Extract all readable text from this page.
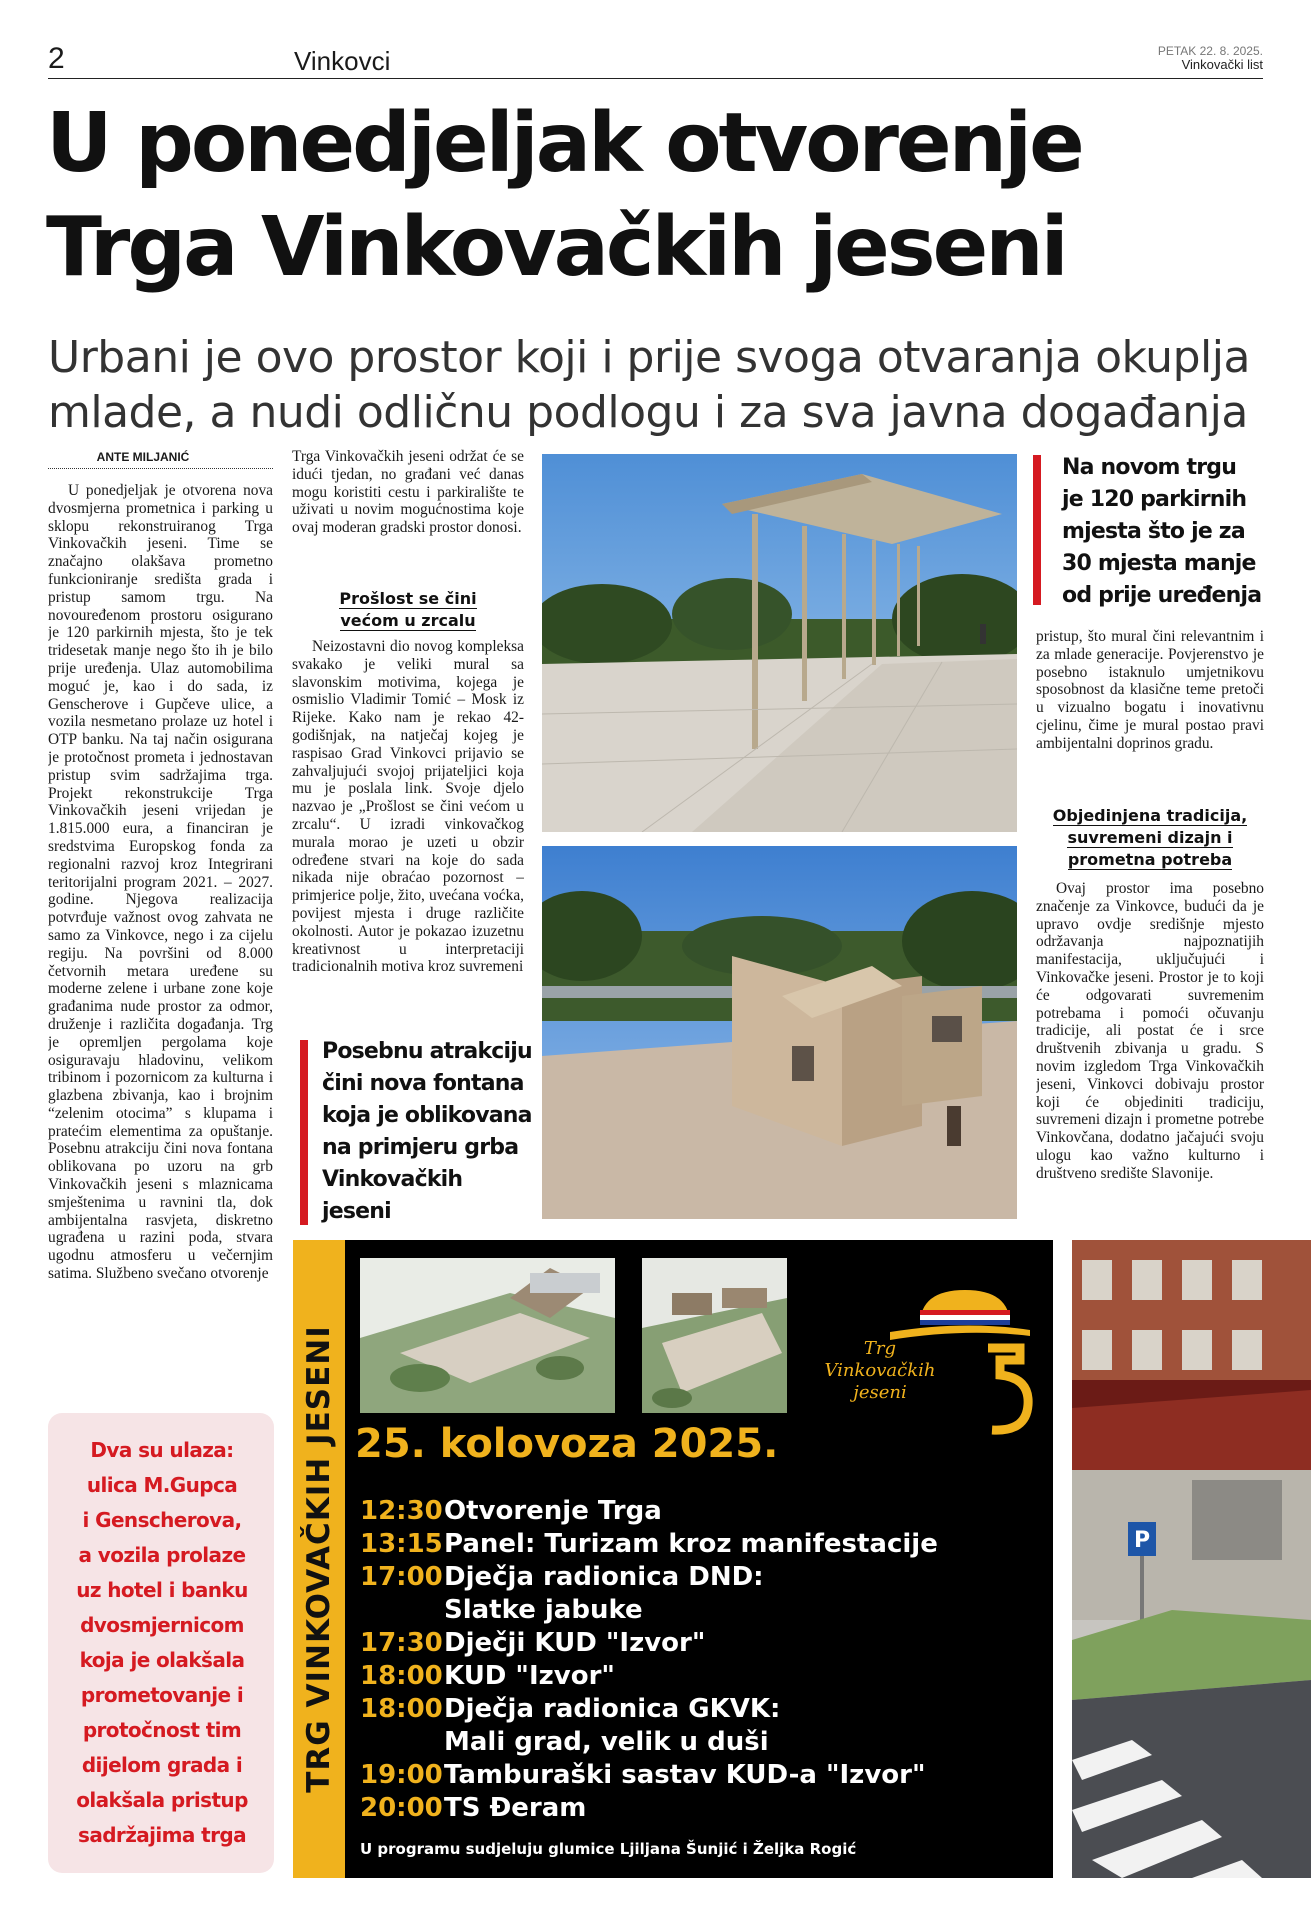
2	Vinkovci	PETAK 22. 8. 2025.
Vinkovački list
U ponedjeljak otvorenje
Trga Vinkovačkih jeseni
Urbani je ovo prostor koji i prije svoga otvaranja okuplja
mlade, a nudi odličnu podlogu i za sva javna događanja
ANTE MILJANIĆ

U ponedjeljak je otvorena nova dvosmjerna prometnica i parking u sklopu rekonstruiranog Trga Vinkovačkih jeseni. Time se značajno olakšava prometno funkcioniranje središta grada i pristup samom trgu. Na novouređenom prostoru osigurano je 120 parkirnih mjesta, što je tek tridesetak manje nego što ih je bilo prije uređenja. Ulaz automobilima moguć je, kao i do sada, iz Genscherove i Gupčeve ulice, a vozila nesmetano prolaze uz hotel i OTP banku. Na taj način osigurana je protočnost prometa i jednostavan pristup svim sadržajima trga. Projekt rekonstrukcije Trga Vinkovačkih jeseni vrijedan je 1.815.000 eura, a financiran je sredstvima Europskog fonda za regionalni razvoj kroz Integrirani teritorijalni program 2021. – 2027. godine. Njegova realizacija potvrđuje važnost ovog zahvata ne samo za Vinkovce, nego i za cijelu regiju. Na površini od 8.000 četvornih metara uređene su moderne zelene i urbane zone koje građanima nude prostor za odmor, druženje i različita događanja. Trg je opremljen pergolama koje osiguravaju hladovinu, velikom tribinom i pozornicom za kulturna i glazbena zbivanja, kao i brojnim “zelenim otocima” s klupama i pratećim elementima za opuštanje. Posebnu atrakciju čini nova fontana oblikovana po uzoru na grb Vinkovačkih jeseni s mlaznicama smještenima u ravnini tla, dok ambijentalna rasvjeta, diskretno ugrađena u razini poda, stvara ugodnu atmosferu u večernjim satima. Službeno svečano otvorenje

Trga Vinkovačkih jeseni održat će se idući tjedan, no građani već danas mogu koristiti cestu i parkiralište te uživati u novim mogućnostima koje ovaj moderan gradski prostor donosi.

Prošlost se čini
većom u zrcalu

Neizostavni dio novog kompleksa svakako je veliki mural sa slavonskim motivima, kojega je osmislio Vladimir Tomić – Mosk iz Rijeke. Kako nam je rekao 42-godišnjak, na natječaj kojeg je raspisao Grad Vinkovci prijavio se zahvaljujući svojoj prijateljici koja mu je poslala link. Svoje djelo nazvao je „Prošlost se čini većom u zrcalu“. U izradi vinkovačkog murala morao je uzeti u obzir određene stvari na koje do sada nikada nije obraćao pozornost – primjerice polje, žito, uvećana voćka, povijest mjesta i druge različite okolnosti. Autor je pokazao izuzetnu kreativnost u interpretaciji tradicionalnih motiva kroz suvremeni

Posebnu atrakciju
čini nova fontana
koja je oblikovana
na primjeru grba
Vinkovačkih
jeseni
Na novom trgu
je 120 parkirnih
mjesta što je za
30 mjesta manje
od prije uređenja

pristup, što mural čini relevantnim i za mlade generacije. Povjerenstvo je posebno istaknulo umjetnikovu sposobnost da klasične teme pretoči u vizualno bogatu i inovativnu cjelinu, čime je mural postao pravi ambijentalni doprinos gradu.

Objedinjena tradicija,
suvremeni dizajn i
prometna potreba

Ovaj prostor ima posebno značenje za Vinkovce, budući da je upravo ovdje središnje mjesto održavanja najpoznatijih manifestacija, uključujući i Vinkovačke jeseni. Prostor je to koji će odgovarati suvremenim potrebama i pomoći očuvanju tradicije, ali postat će i srce društvenih zbivanja u gradu. S novim izgledom Trga Vinkovačkih jeseni, Vinkovci dobivaju prostor koji će objediniti tradiciju, suvremeni dizajn i prometne potrebe Vinkovčana, dodatno jačajući svoju ulogu kao važno kulturno i društveno središte Slavonije.

Dva su ulaza:
ulica M.Gupca
i Genscherova,
a vozila prolaze
uz hotel i banku
dvosmjernicom
koja je olakšala
prometovanje i
protočnost tim
dijelom grada i
olakšala pristup
sadržajima trga
TRG VINKOVAČKIH JESENI	Trg
Vinkovačkih
jeseni
25. kolovoza 2025.
12:30 Otvorenje Trga
13:15 Panel: Turizam kroz manifestacije
17:00 Dječja radionica DND:
Slatke jabuke
17:30 Dječji KUD "Izvor"
18:00 KUD "Izvor"
18:00 Dječja radionica GKVK:
Mali grad, velik u duši
19:00 Tamburaški sastav KUD-a "Izvor"
20:00 TS Đeram
U programu sudjeluju glumice Ljiljana Šunjić i Željka Rogić
P
